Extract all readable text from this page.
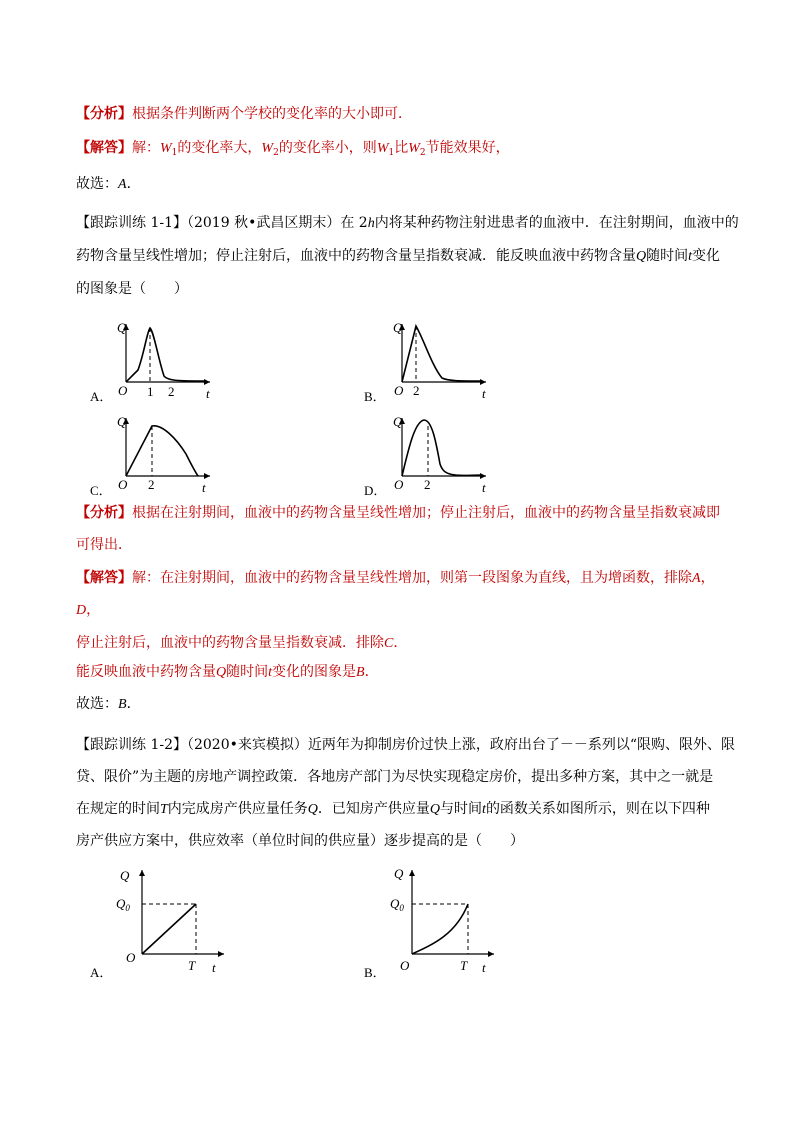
【分析】根据条件判断两个学校的变化率的大小即可．
【解答】解：$W_1$的变化率大，$W_2$的变化率小，则$W_1$比$W_2$节能效果好，
故选：A．
【跟踪训练 1-1】（2019 秋•武昌区期末）在 2h内将某种药物注射进患者的血液中．在注射期间，血液中的
药物含量呈线性增加；停止注射后，血液中的药物含量呈指数衰减．能反映血液中药物含量Q随时间t变化
的图象是（　　）
A．
Q
O 1 2 t	B．
Q
O 2	t
C．
Q
O 2	t	D．
Q
O 2	t
【分析】根据在注射期间，血液中的药物含量呈线性增加；停止注射后，血液中的药物含量呈指数衰减即
可得出．
【解答】解：在注射期间，血液中的药物含量呈线性增加，则第一段图象为直线，且为增函数，排除A，
D，
停止注射后，血液中的药物含量呈指数衰减．排除C．
能反映血液中药物含量Q随时间t变化的图象是B．
故选：B．
【跟踪训练 1-2】（2020•来宾模拟）近两年为抑制房价过快上涨，政府出台了－－系列以“限购、限外、限
贷、限价”为主题的房地产调控政策．各地房产部门为尽快实现稳定房价，提出多种方案，其中之一就是
在规定的时间T内完成房产供应量任务Q．已知房产供应量Q与时间t的函数关系如图所示，则在以下四种
房产供应方案中，供应效率（单位时间的供应量）逐步提高的是（　　）
A．
Q
$Q_0$
O
T t	B．
Q
$Q_0$
O	T t
